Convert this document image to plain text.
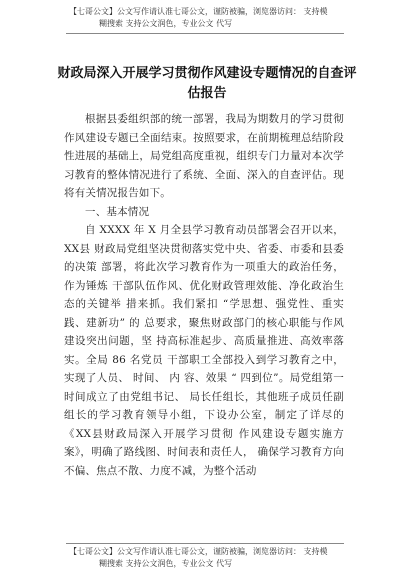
【七哥公文】公文写作请认准七哥公文，谨防被骗，浏览器访问： 支持模
糊搜索 支持公文润色，专业公文 代写
财政局深入开展学习贯彻作风建设专题情况的自查评估报告

根据县委组织部的统一部署，我局为期数月的学习贯彻作风建设专题已全面结束。按照要求，在前期梳理总结阶段性进展的基础上，局党组高度重视，组织专门力量对本次学习教育的整体情况进行了系统、全面、深入的自查评估。现将有关情况报告如下。

一、基本情况

自 XXXX 年 X 月全县学习教育动员部署会召开以来，XX县 财政局党组坚决贯彻落实党中央、省委、市委和县委的决策 部署，将此次学习教育作为一项重大的政治任务，作为锤炼 干部队伍作风、优化财政管理效能、净化政治生态的关键举 措来抓。我们紧扣 “学思想、强党性、重实践、建新功” 的 总要求，聚焦财政部门的核心职能与作风建设突出问题，坚 持高标准起步、高质量推进、高效率落实。全局 86 名党员 干部职工全部投入到学习教育之中，实现了人员、 时间、 内 容、效果 “ 四到位”。局党组第一时间成立了由党组书记、 局长任组长，其他班子成员任副组长的学习教育领导小组，下设办公室，制定了详尽的《XX县财政局深入开展学习贯彻 作风建设专题实施方案》，明确了路线图、时间表和责任人， 确保学习教育方向不偏、焦点不散、力度不减，为整个活动

【七哥公文】公文写作请认准七哥公文，谨防被骗，浏览器访问： 支持模
糊搜索 支持公文润色，专业公文 代写
